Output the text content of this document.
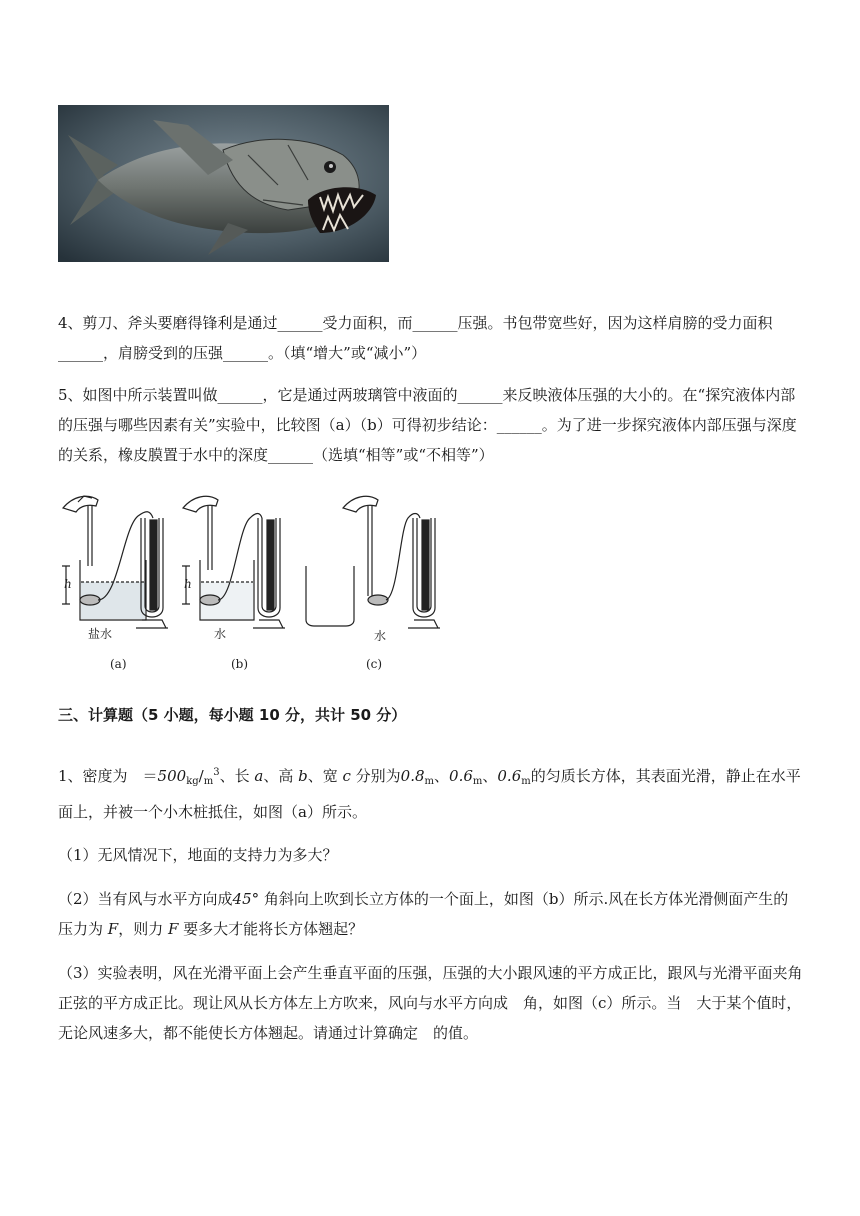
4、剪刀、斧头要磨得锋利是通过______受力面积，而______压强。书包带宽些好，因为这样肩膀的受力面积______，肩膀受到的压强______。（填“增大”或“减小”）

5、如图中所示装置叫做______，它是通过两玻璃管中液面的______来反映液体压强的大小的。在“探究液体内部的压强与哪些因素有关”实验中，比较图（a）（b）可得初步结论：______。为了进一步探究液体内部压强与深度的关系，橡皮膜置于水中的深度______（选填“相等”或“不相等”）

h	h
盐水	水	水
(a)	(b)	(c)

三、计算题（5 小题，每小题 10 分，共计 50 分）

1、密度为　$=500_{kg}/_m^3$、长 a、高 b、宽 c 分别为$0.8_m$、$0.6_m$、$0.6_m$的匀质长方体，其表面光滑，静止在水平面上，并被一个小木桩抵住，如图（a）所示。

（1）无风情况下，地面的支持力为多大？

（2）当有风与水平方向成45° 角斜向上吹到长立方体的一个面上，如图（b）所示.风在长方体光滑侧面产生的压力为 F，则力 F 要多大才能将长方体翘起？

（3）实验表明，风在光滑平面上会产生垂直平面的压强，压强的大小跟风速的平方成正比，跟风与光滑平面夹角正弦的平方成正比。现让风从长方体左上方吹来，风向与水平方向成　角，如图（c）所示。当　大于某个值时，无论风速多大，都不能使长方体翘起。请通过计算确定　的值。
